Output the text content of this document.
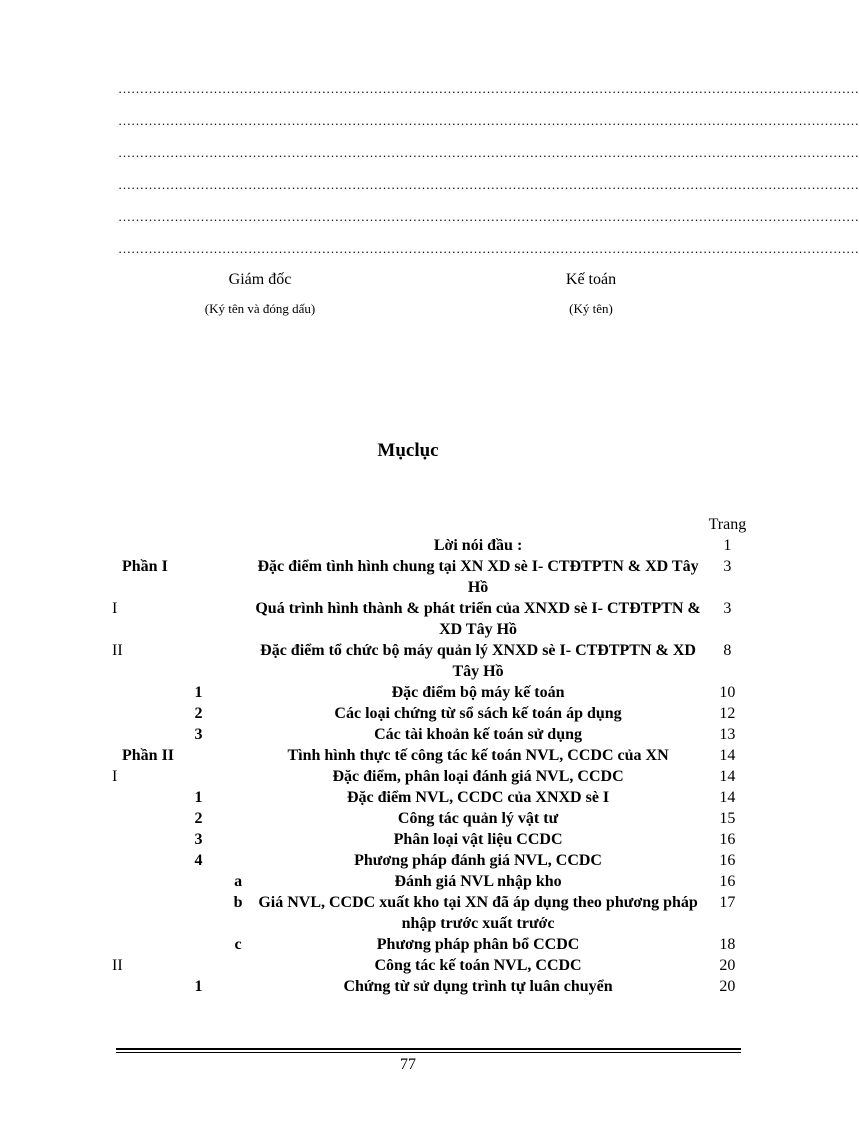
………………………………………………………………………………………………………………………………………………………
………………………………………………………………………………………………………………………………………………………
………………………………………………………………………………………………………………………………………………………
………………………………………………………………………………………………………………………………………………………
………………………………………………………………………………………………………………………………………………………
………………………………………………………………………………………………………………………………………………………
Giám đốc
(Ký tên và đóng dấu)
Kế toán
(Ký tên)
Mụclục
				Trang
			Lời nói đầu :	1
Phần I			Đặc điểm tình hình chung tại XN XD sè I- CTĐTPTN & XD Tây Hồ	3
I			Quá trình hình thành & phát triển của XNXD sè I- CTĐTPTN & XD Tây Hồ	3
II			Đặc điểm tổ chức bộ máy quản lý XNXD sè I- CTĐTPTN & XD Tây Hồ	8
	1		Đặc điểm bộ máy kế toán	10
	2		Các loại chứng từ sổ sách kế toán áp dụng	12
	3		Các tài khoản kế toán sử dụng	13
Phần II			Tình hình thực tế công tác kế toán NVL, CCDC của XN	14
I			Đặc điểm, phân loại đánh giá NVL, CCDC	14
	1		Đặc điểm NVL, CCDC của XNXD sè I	14
	2		Công tác quản lý vật tư	15
	3		Phân loại vật liệu CCDC	16
	4		Phương pháp đánh giá NVL, CCDC	16
		a	Đánh giá NVL nhập kho	16
		b	Giá NVL, CCDC xuất kho tại XN đã áp dụng theo phương pháp nhập trước xuất trước	17
		c	Phương pháp phân bổ CCDC	18
II			Công tác kế toán NVL, CCDC	20
	1		Chứng từ sử dụng trình tự luân chuyển	20
77
